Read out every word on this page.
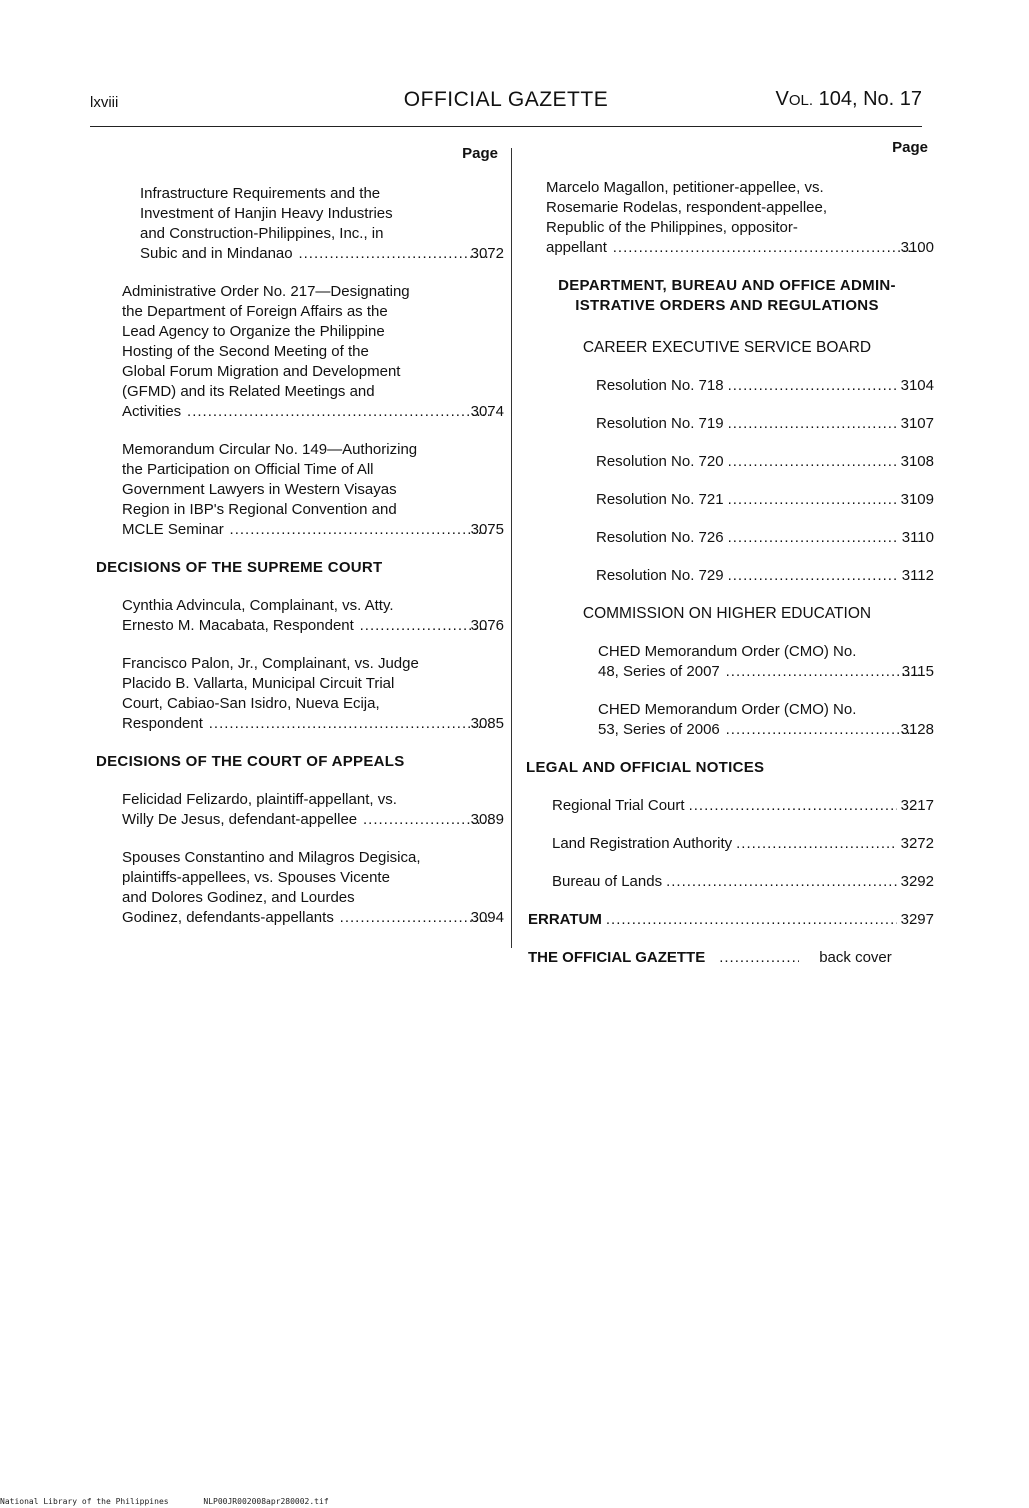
lxviii	OFFICIAL GAZETTE	VOL. 104, No. 17
Page
Infrastructure Requirements and the
Investment of Hanjin Heavy Industries
and Construction-Philippines, Inc., in
Subic and in Mindanao .....	3072
Administrative Order No. 217—Designating
the Department of Foreign Affairs as the
Lead Agency to Organize the Philippine
Hosting of the Second Meeting of the
Global Forum Migration and Development
(GFMD) and its Related Meetings and
Activities .....	3074
Memorandum Circular No. 149—Authorizing
the Participation on Official Time of All
Government Lawyers in Western Visayas
Region in IBP's Regional Convention and
MCLE Seminar .....	3075
DECISIONS OF THE SUPREME COURT
Cynthia Advincula, Complainant, vs. Atty.
Ernesto M. Macabata, Respondent .....	3076
Francisco Palon, Jr., Complainant, vs. Judge
Placido B. Vallarta, Municipal Circuit Trial
Court, Cabiao-San Isidro, Nueva Ecija,
Respondent .....	3085
DECISIONS OF THE COURT OF APPEALS
Felicidad Felizardo, plaintiff-appellant, vs.
Willy De Jesus, defendant-appellee .....	3089
Spouses Constantino and Milagros Degisica,
plaintiffs-appellees, vs. Spouses Vicente
and Dolores Godinez, and Lourdes
Godinez, defendants-appellants .....	3094
Page
Marcelo Magallon, petitioner-appellee, vs.
Rosemarie Rodelas, respondent-appellee,
Republic of the Philippines, oppositor-
appellant .....	3100
DEPARTMENT, BUREAU AND OFFICE ADMIN-
ISTRATIVE ORDERS AND REGULATIONS
CAREER EXECUTIVE SERVICE BOARD
Resolution No. 718 .....	3104
Resolution No. 719 .....	3107
Resolution No. 720 .....	3108
Resolution No. 721 .....	3109
Resolution No. 726 .....	3110
Resolution No. 729 .....	3112
COMMISSION ON HIGHER EDUCATION
CHED Memorandum Order (CMO) No.
48, Series of 2007 .....	3115
CHED Memorandum Order (CMO) No.
53, Series of 2006 .....	3128
LEGAL AND OFFICIAL NOTICES
Regional Trial Court .....	3217
Land Registration Authority .....	3272
Bureau of Lands .....	3292
ERRATUM .....	3297
THE OFFICIAL GAZETTE .....	back cover
National Library of the Philippines	NLP00JR002008apr280002.tif
